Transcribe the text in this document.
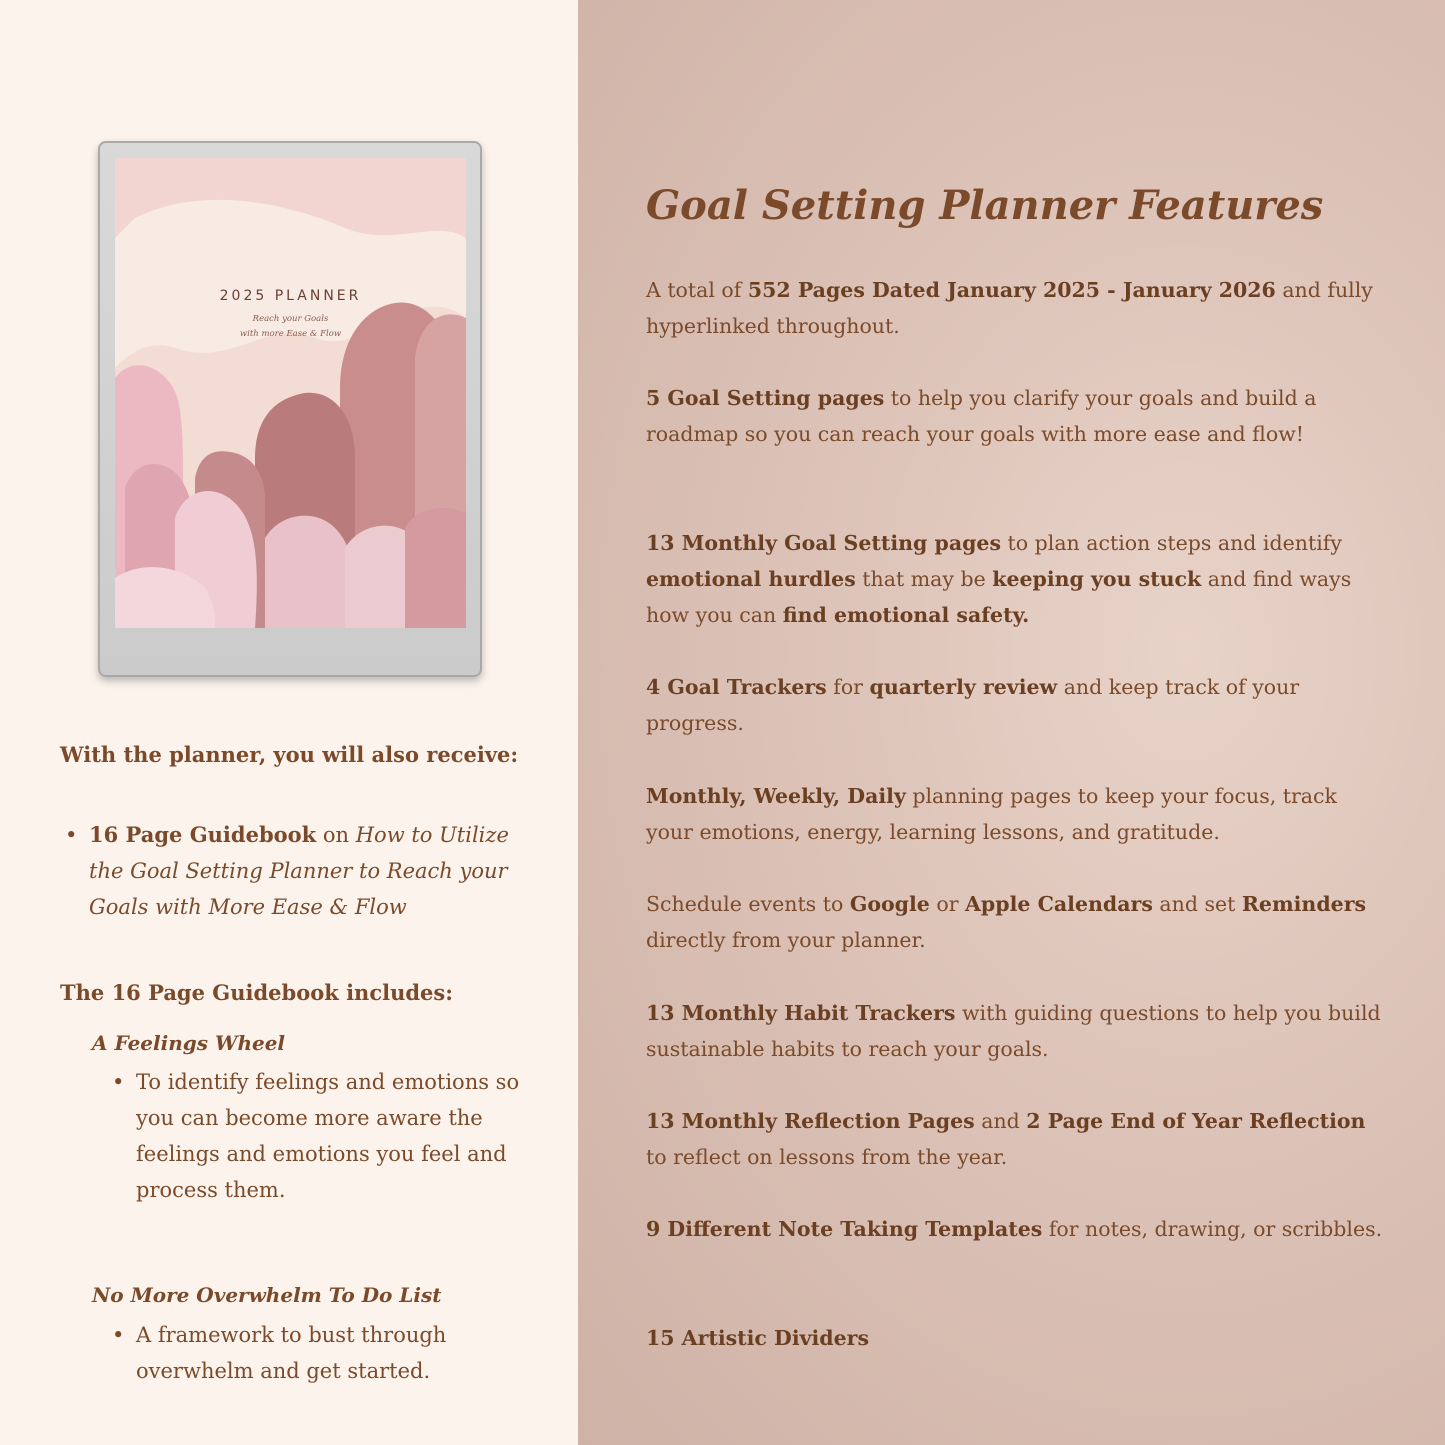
2025 PLANNER
Reach your Goals
with more Ease & Flow
With the planner, you will also receive:
• 16 Page Guidebook on How to Utilize the Goal Setting Planner to Reach your Goals with More Ease & Flow
The 16 Page Guidebook includes:
A Feelings Wheel
• To identify feelings and emotions so you can become more aware the feelings and emotions you feel and process them.
No More Overwhelm To Do List
• A framework to bust through overwhelm and get started.
Goal Setting Planner Features
A total of 552 Pages Dated January 2025 - January 2026 and fully hyperlinked throughout.
5 Goal Setting pages to help you clarify your goals and build a roadmap so you can reach your goals with more ease and flow!
13 Monthly Goal Setting pages to plan action steps and identify emotional hurdles that may be keeping you stuck and find ways how you can find emotional safety.
4 Goal Trackers for quarterly review and keep track of your progress.
Monthly, Weekly, Daily planning pages to keep your focus, track your emotions, energy, learning lessons, and gratitude.
Schedule events to Google or Apple Calendars and set Reminders directly from your planner.
13 Monthly Habit Trackers with guiding questions to help you build sustainable habits to reach your goals.
13 Monthly Reflection Pages and 2 Page End of Year Reflection to reflect on lessons from the year.
9 Different Note Taking Templates for notes, drawing, or scribbles.
15 Artistic Dividers
